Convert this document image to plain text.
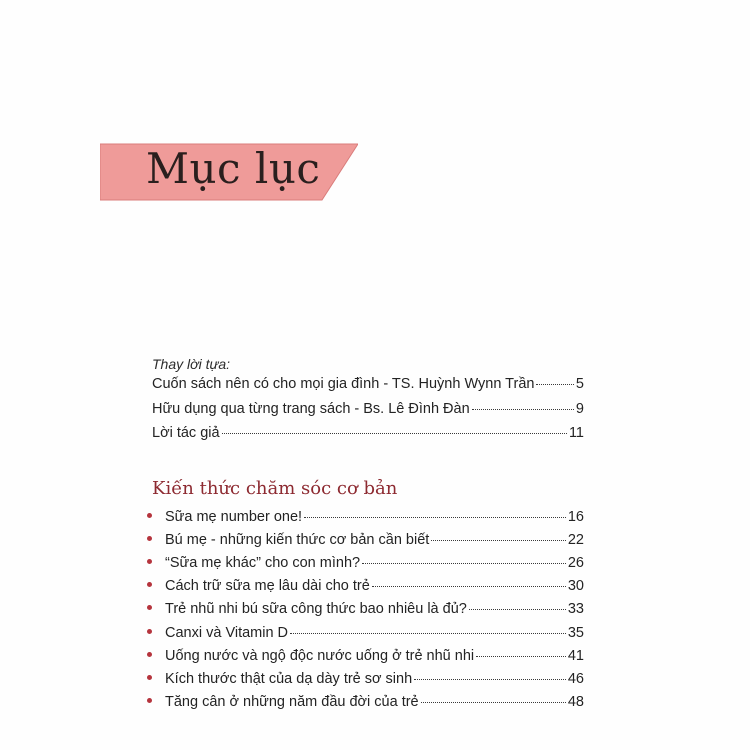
Mục lục
Thay lời tựa:
Cuốn sách nên có cho mọi gia đình - TS. Huỳnh Wynn Trần	5
Hữu dụng qua từng trang sách - Bs. Lê Đình Đàn	9
Lời tác giả	11
Kiến thức chăm sóc cơ bản
Sữa mẹ number one!	16
Bú mẹ - những kiến thức cơ bản cần biết	22
“Sữa mẹ khác” cho con mình?	26
Cách trữ sữa mẹ lâu dài cho trẻ	30
Trẻ nhũ nhi bú sữa công thức bao nhiêu là đủ?	33
Canxi và Vitamin D	35
Uống nước và ngộ độc nước uống ở trẻ nhũ nhi	41
Kích thước thật của dạ dày trẻ sơ sinh	46
Tăng cân ở những năm đầu đời của trẻ	48
